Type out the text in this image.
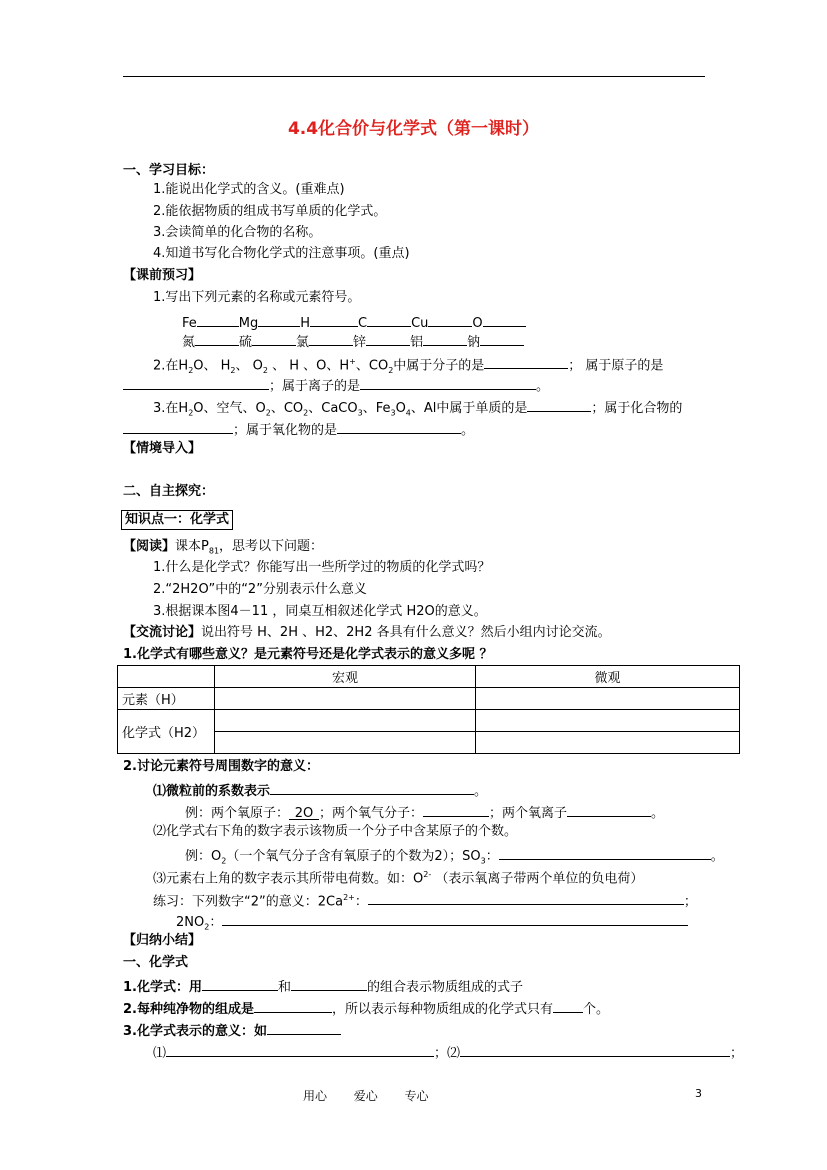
4.4化合价与化学式（第一课时）
一、学习目标：
1.能说出化学式的含义。(重难点)
2.能依据物质的组成书写单质的化学式。
3.会读简单的化合物的名称。
4.知道书写化合物化学式的注意事项。(重点)
【课前预习】
1.写出下列元素的名称或元素符号。
Fe	Mg	H	C	Cu	O
氮	硫	氯	锌	铝	钠
2.在$H_2O$、 $H_2$、 $O_2$ 、 H 、O、H+、$CO_2$中属于分子的是	； 属于原子的是
；属于离子的是	。
3.在$H_2O$、空气、$O_2$、$CO_2$、CaCO$_3$、$Fe_3O_4$、Al中属于单质的是	；属于化合物的
；属于氧化物的是	。
【情境导入】
二、自主探究：
知识点一：化学式
【阅读】课本$P_{81}$，思考以下问题：
1.什么是化学式？你能写出一些所学过的物质的化学式吗？
2.“2H2O”中的“2”分别表示什么意义
3.根据课本图4－11 ，同桌互相叙述化学式 H2O的意义。
【交流讨论】说出符号 H、2H 、H2、2H2 各具有什么意义？然后小组内讨论交流。
1.化学式有哪些意义？是元素符号还是化学式表示的意义多呢 ？
	宏观	微观
元素（H）		
化学式（H2）		

2.讨论元素符号周围数字的意义：
⑴微粒前的系数表示	。
例：两个氧原子： 2O ；两个氧气分子：	；两个氧离子	。
⑵化学式右下角的数字表示该物质一个分子中含某原子的个数。
例：$O_2$（一个氧气分子含有氧原子的个数为2）；$SO_3$：	。
⑶元素右上角的数字表示其所带电荷数。如：$O^{2-}$ （表示氧离子带两个单位的负电荷）
练习：下列数字“2”的意义：$2Ca^{2+}$：	；
$2NO_2$：
【归纳小结】
一、化学式
1.化学式：用	和	的组合表示物质组成的式子
2.每种纯净物的组成是	，所以表示每种物质组成的化学式只有 个。
3.化学式表示的意义：如
⑴	；⑵	；
用心 爱心 专心	3
